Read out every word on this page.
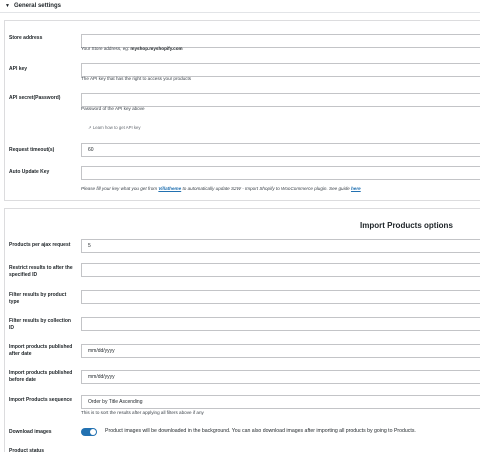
▼ General settings
Store address
Your Store address, eg: myshop.myshopify.com
API key
The API key that has the right to access your products
API secret(Password)
Password of the API key above
↗ Learn how to get API key
Request timeout(s)	60
Auto Update Key
Please fill your key what you get from Villatheme to automatically update S2W - Import Shopify to WooCommerce plugin. See guide here
Import Products options
Products per ajax request	5
Restrict results to after the specified ID
Filter results by product type
Filter results by collection ID
Import products published after date	mm/dd/yyyy
Import products published before date	mm/dd/yyyy
Import Products sequence	Order by Title Ascending
This is to sort the results after applying all filters above if any
Download images	Product images will be downloaded in the background. You can also download images after importing all products by going to Products.
Product status
